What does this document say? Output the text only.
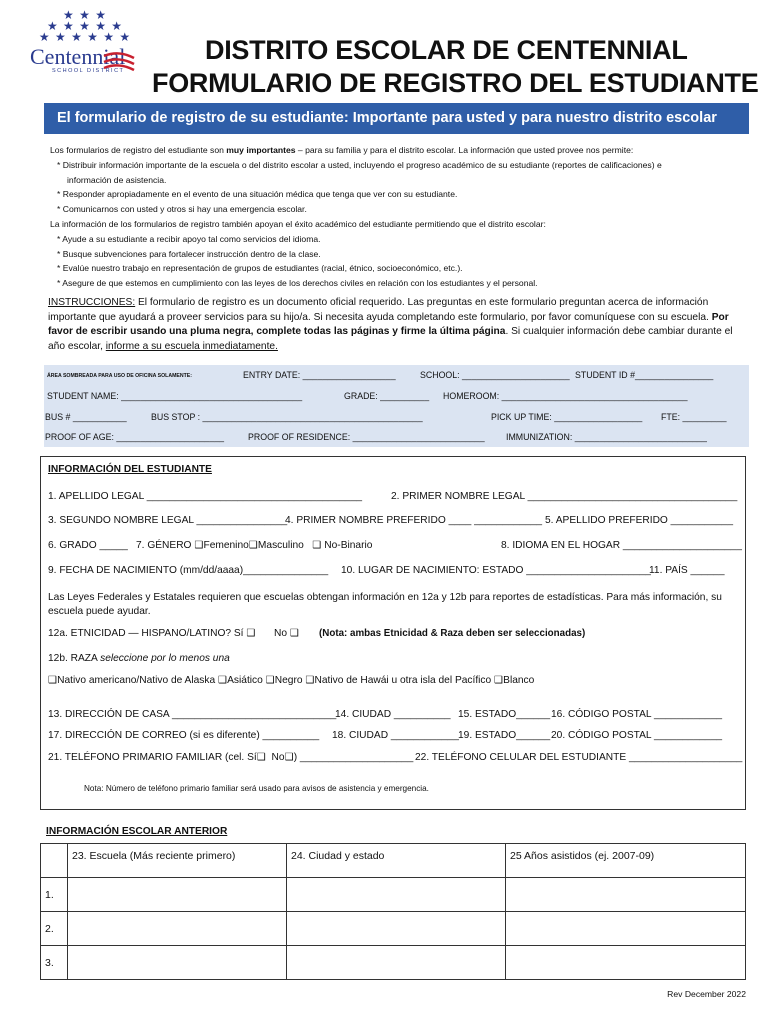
★ ★ ★
★ ★ ★ ★ ★
★ ★ ★ ★ ★ ★
Centennial
SCHOOL DISTRICT
DISTRITO ESCOLAR DE CENTENNIAL
FORMULARIO DE REGISTRO DEL ESTUDIANTE
El formulario de registro de su estudiante: Importante para usted y para nuestro distrito escolar
Los formularios de registro del estudiante son muy importantes – para su familia y para el distrito escolar. La información que usted provee nos permite:
* Distribuir información importante de la escuela o del distrito escolar a usted, incluyendo el progreso académico de su estudiante (reportes de calificaciones) e
información de asistencia.
* Responder apropiadamente en el evento de una situación médica que tenga que ver con su estudiante.
* Comunicarnos con usted y otros si hay una emergencia escolar.
La información de los formularios de registro también apoyan el éxito académico del estudiante permitiendo que el distrito escolar:
* Ayude a su estudiante a recibir apoyo tal como servicios del idioma.
* Busque subvenciones para fortalecer instrucción dentro de la clase.
* Evalúe nuestro trabajo en representación de grupos de estudiantes (racial, étnico, socioeconómico, etc.).
* Asegure de que estemos en cumplimiento con las leyes de los derechos civiles en relación con los estudiantes y el personal.
INSTRUCCIONES: El formulario de registro es un documento oficial requerido. Las preguntas en este formulario preguntan acerca de información importante que ayudará a proveer servicios para su hijo/a. Si necesita ayuda completando este formulario, por favor comuníquese con su escuela. Por favor de escribir usando una pluma negra, complete todas las páginas y firme la última página. Si cualquier información debe cambiar durante el año escolar, informe a su escuela inmediatamente.
ÁREA SOMBREADA PARA USO DE OFICINA SOLAMENTE:	ENTRY DATE: ___________________	SCHOOL: ______________________ STUDENT ID #________________
STUDENT NAME: _____________________________________	GRADE: __________ HOMEROOM: ______________________________________
BUS # ___________	BUS STOP : _____________________________________________	PICK UP TIME: __________________ FTE: _________
PROOF OF AGE: ______________________	PROOF OF RESIDENCE: ___________________________ IMMUNIZATION: ___________________________
INFORMACIÓN DEL ESTUDIANTE
1. APELLIDO LEGAL ______________________________________	2. PRIMER NOMBRE LEGAL _____________________________________
3. SEGUNDO NOMBRE LEGAL ________________
4. PRIMER NOMBRE PREFERIDO ____ ____________ 5. APELLIDO PREFERIDO ___________
6. GRADO _____ 7. GÉNERO ❑Femenino❑Masculino ❑ No-Binario	8. IDIOMA EN EL HOGAR _____________________
9. FECHA DE NACIMIENTO (mm/dd/aaaa)_______________ 10. LUGAR DE NACIMIENTO: ESTADO ______________________
11. PAÍS ______
Las Leyes Federales y Estatales requieren que escuelas obtengan información en 12a y 12b para reportes de estadísticas. Para más información, su escuela puede ayudar.
12a. ETNICIDAD — HISPANO/LATINO? Sí ❑ No ❑ (Nota: ambas Etnicidad & Raza deben ser seleccionadas)
12b. RAZA seleccione por lo menos una
❑Nativo americano/Nativo de Alaska ❑Asiático ❑Negro ❑Nativo de Hawái u otra isla del Pacífico ❑Blanco
13. DIRECCIÓN DE CASA _____________________________
14. CIUDAD __________ 15. ESTADO______ 16. CÓDIGO POSTAL ____________
17. DIRECCIÓN DE CORREO (si es diferente) __________ 18. CIUDAD ____________ 19. ESTADO______ 20. CÓDIGO POSTAL ____________
21. TELÉFONO PRIMARIO FAMILIAR (cel. Sí❑ No❑) ____________________ 22. TELÉFONO CELULAR DEL ESTUDIANTE ____________________
Nota: Número de teléfono primario familiar será usado para avisos de asistencia y emergencia.
INFORMACIÓN ESCOLAR ANTERIOR
	23. Escuela (Más reciente primero)	24. Ciudad y estado	25 Años asistidos (ej. 2007-09)
1.			
2.			
3.			
Rev December 2022
